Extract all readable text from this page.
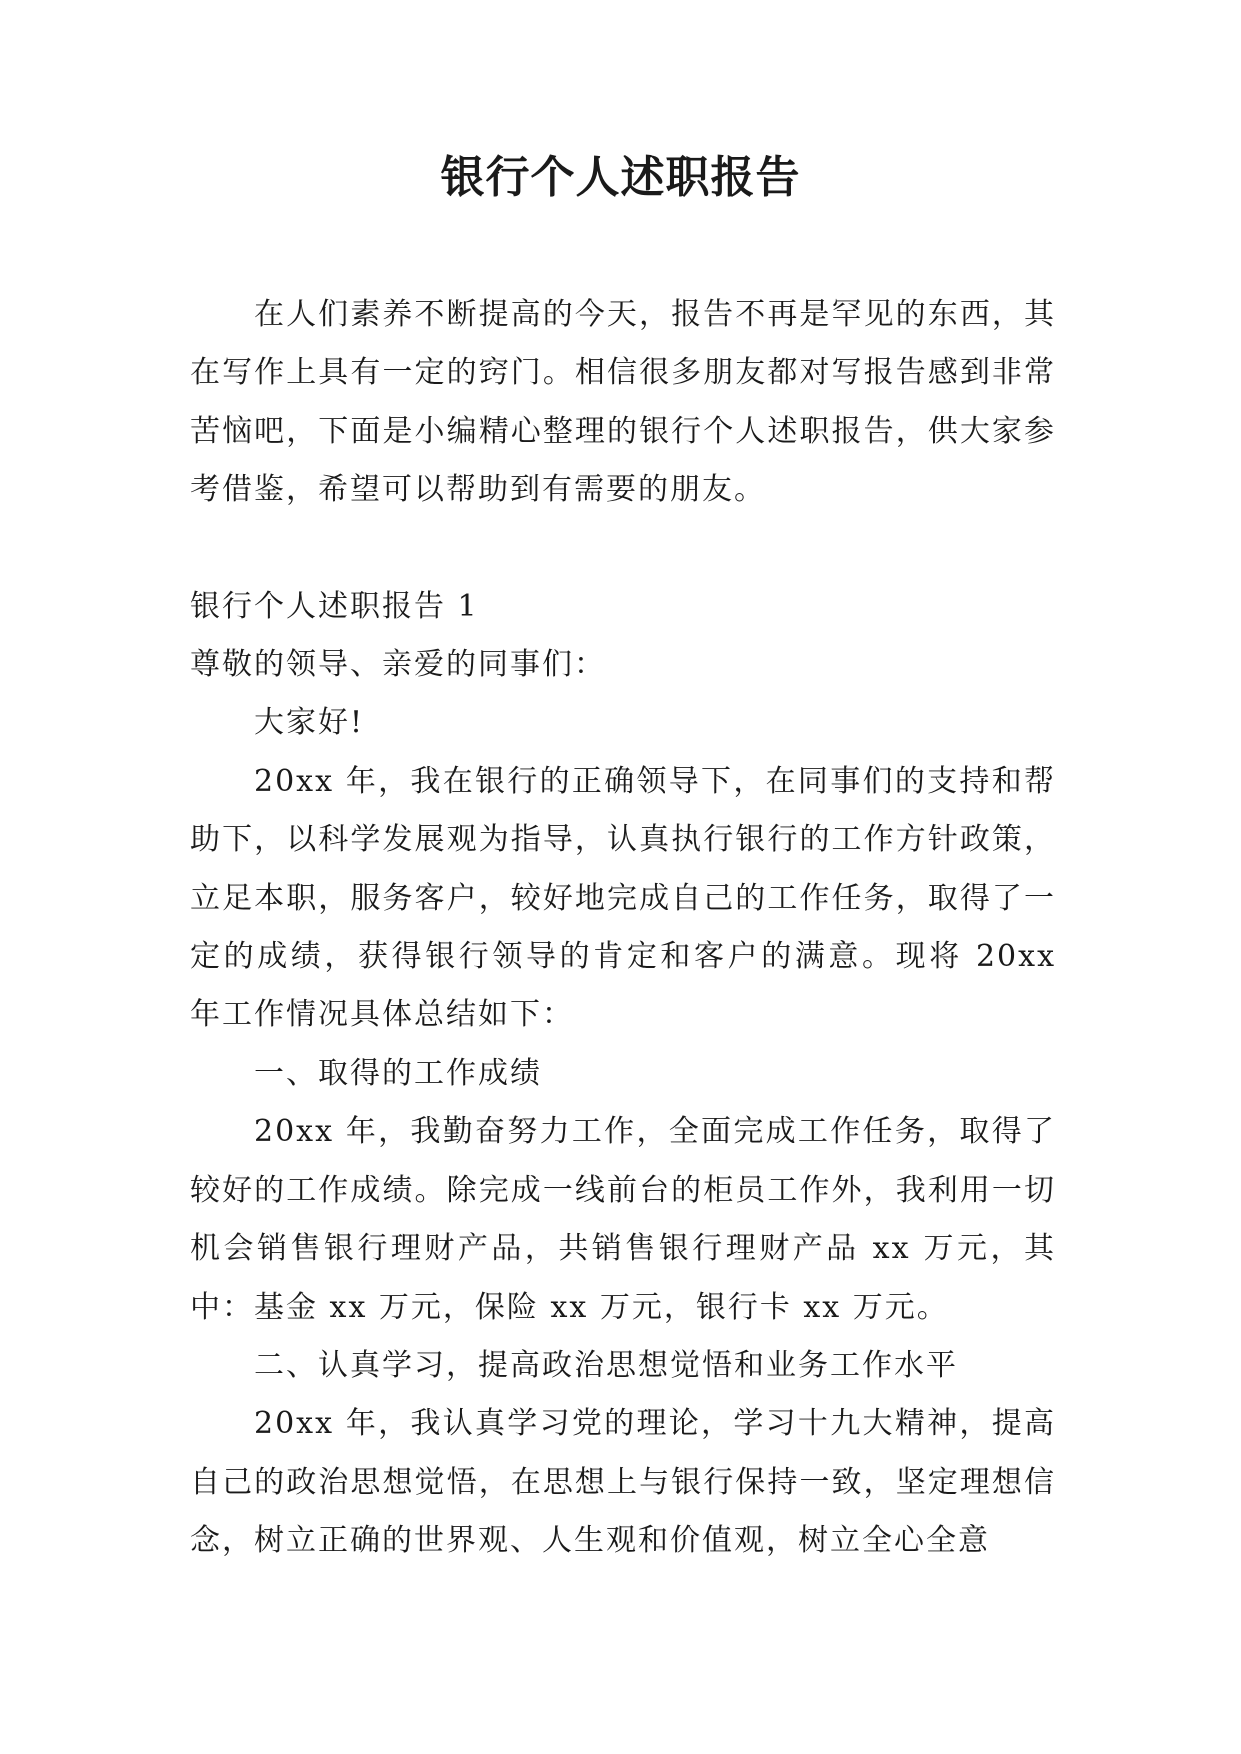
银行个人述职报告

在人们素养不断提高的今天，报告不再是罕见的东西，其在写作上具有一定的窍门。相信很多朋友都对写报告感到非常苦恼吧，下面是小编精心整理的银行个人述职报告，供大家参考借鉴，希望可以帮助到有需要的朋友。

银行个人述职报告 1

尊敬的领导、亲爱的同事们：

大家好!

20xx 年，我在银行的正确领导下，在同事们的支持和帮助下，以科学发展观为指导，认真执行银行的工作方针政策，立足本职，服务客户，较好地完成自己的工作任务，取得了一定的成绩，获得银行领导的肯定和客户的满意。现将 20xx 年工作情况具体总结如下：

一、取得的工作成绩

20xx 年，我勤奋努力工作，全面完成工作任务，取得了较好的工作成绩。除完成一线前台的柜员工作外，我利用一切机会销售银行理财产品，共销售银行理财产品 xx 万元，其中：基金 xx 万元，保险 xx 万元，银行卡 xx 万元。

二、认真学习，提高政治思想觉悟和业务工作水平

20xx 年，我认真学习党的理论，学习十九大精神，提高自己的政治思想觉悟，在思想上与银行保持一致，坚定理想信念，树立正确的世界观、人生观和价值观，树立全心全意
